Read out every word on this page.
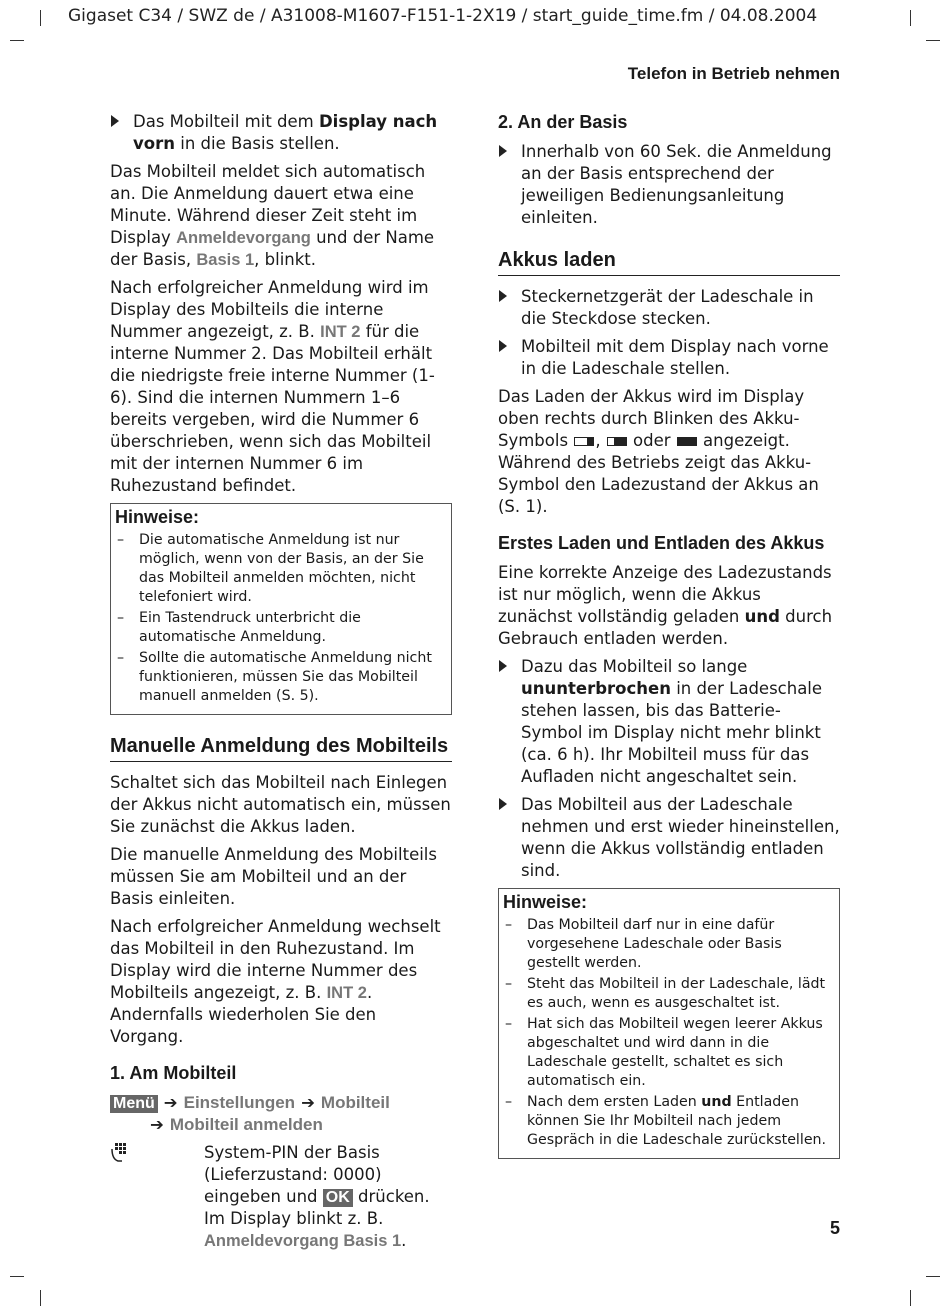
Gigaset C34 / SWZ de / A31008-M1607-F151-1-2X19 / start_guide_time.fm / 04.08.2004
Telefon in Betrieb nehmen
Das Mobilteil mit dem Display nach vorn in die Basis stellen.

Das Mobilteil meldet sich automatisch an. Die Anmeldung dauert etwa eine Minute. Während dieser Zeit steht im Display Anmeldevorgang und der Name der Basis, Basis 1, blinkt.

Nach erfolgreicher Anmeldung wird im Display des Mobilteils die interne Nummer angezeigt, z. B. INT 2 für die interne Nummer 2. Das Mobilteil erhält die niedrigste freie interne Nummer (1-6). Sind die internen Nummern 1–6 bereits vergeben, wird die Nummer 6 überschrieben, wenn sich das Mobilteil mit der internen Nummer 6 im Ruhezustand befindet.

Hinweise:
– Die automatische Anmeldung ist nur möglich, wenn von der Basis, an der Sie das Mobilteil anmelden möchten, nicht telefoniert wird.
– Ein Tastendruck unterbricht die automatische Anmeldung.
– Sollte die automatische Anmeldung nicht funktionieren, müssen Sie das Mobilteil manuell anmelden (S. 5).
Manuelle Anmeldung des Mobilteils

Schaltet sich das Mobilteil nach Einlegen der Akkus nicht automatisch ein, müssen Sie zunächst die Akkus laden.

Die manuelle Anmeldung des Mobilteils müssen Sie am Mobilteil und an der Basis einleiten.

Nach erfolgreicher Anmeldung wechselt das Mobilteil in den Ruhezustand. Im Display wird die interne Nummer des Mobilteils angezeigt, z. B. INT 2. Andernfalls wiederholen Sie den Vorgang.

1. Am Mobilteil
Menü ➔ Einstellungen ➔ Mobilteil
➔ Mobilteil anmelden
System-PIN der Basis (Lieferzustand: 0000) eingeben und OK drücken. Im Display blinkt z. B. Anmeldevorgang Basis 1.
2. An der Basis
Innerhalb von 60 Sek. die Anmeldung an der Basis entsprechend der jeweiligen Bedienungsanleitung einleiten.
Akkus laden
Steckernetzgerät der Ladeschale in die Steckdose stecken.
Mobilteil mit dem Display nach vorne in die Ladeschale stellen.

Das Laden der Akkus wird im Display oben rechts durch Blinken des Akku-Symbols
,
oder
angezeigt. Während des Betriebs zeigt das Akku-Symbol den Ladezustand der Akkus an (S. 1).

Erstes Laden und Entladen des Akkus

Eine korrekte Anzeige des Ladezustands ist nur möglich, wenn die Akkus zunächst vollständig geladen und durch Gebrauch entladen werden.

Dazu das Mobilteil so lange ununterbrochen in der Ladeschale stehen lassen, bis das Batterie-Symbol im Display nicht mehr blinkt (ca. 6 h). Ihr Mobilteil muss für das Aufladen nicht angeschaltet sein.
Das Mobilteil aus der Ladeschale nehmen und erst wieder hineinstellen, wenn die Akkus vollständig entladen sind.
Hinweise:
– Das Mobilteil darf nur in eine dafür vorgesehene Ladeschale oder Basis gestellt werden.
– Steht das Mobilteil in der Ladeschale, lädt es auch, wenn es ausgeschaltet ist.
– Hat sich das Mobilteil wegen leerer Akkus abgeschaltet und wird dann in die Ladeschale gestellt, schaltet es sich automatisch ein.
– Nach dem ersten Laden und Entladen können Sie Ihr Mobilteil nach jedem Gespräch in die Ladeschale zurückstellen.
5
